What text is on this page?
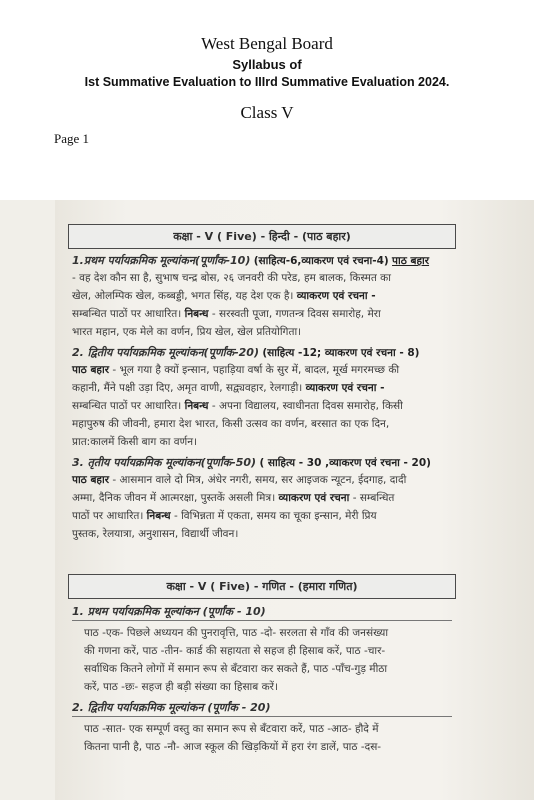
West Bengal Board
Syllabus of
Ist Summative Evaluation to IIIrd Summative Evaluation 2024.
Class V
Page 1
कक्षा - V ( Five) - हिन्दी - (पाठ बहार)
1.प्रथम पर्यायक्रमिक मूल्यांकन(पूर्णांक-10) (साहित्य-6,व्याकरण एवं रचना-4) पाठ बहार
- वह देश कौन सा है, सुभाष चन्द्र बोस, २६ जनवरी की परेड, हम बालक, किस्मत का
खेल, ओलम्पिक खेल, कब्बड्डी, भगत सिंह, यह देश एक है। व्याकरण एवं रचना -
सम्बन्धित पाठों पर आधारित। निबन्ध - सरस्वती पूजा, गणतन्त्र दिवस समारोह, मेरा
भारत महान, एक मेले का वर्णन, प्रिय खेल, खेल प्रतियोगिता।
2. द्वितीय पर्यायक्रमिक मूल्यांकन(पूर्णांक-20) (साहित्य -12; व्याकरण एवं रचना - 8)
पाठ बहार - भूल गया है क्यों इन्सान, पहाड़िया वर्षा के सुर में, बादल, मूर्ख मगरमच्छ की
कहानी, मैंने पक्षी उड़ा दिए, अमृत वाणी, सद्व्यवहार, रेलगाड़ी। व्याकरण एवं रचना -
सम्बन्धित पाठों पर आधारित। निबन्ध - अपना विद्यालय, स्वाधीनता दिवस समारोह, किसी
महापुरुष की जीवनी, हमारा देश भारत, किसी उत्सव का वर्णन, बरसात का एक दिन,
प्रात:कालमें किसी बाग का वर्णन।
3. तृतीय पर्यायक्रमिक मूल्यांकन(पूर्णांक-50) ( साहित्य - 30 ,व्याकरण एवं रचना - 20)
पाठ बहार - आसमान वाले दो मित्र, अंधेर नगरी, समय, सर आइजक न्यूटन, ईदगाह, दादी
अम्मा, दैनिक जीवन में आत्मरक्षा, पुस्तकें असली मित्र। व्याकरण एवं रचना - सम्बन्धित
पाठों पर आधारित। निबन्ध - विभिन्नता में एकता, समय का चूका इन्सान, मेरी प्रिय
पुस्तक, रेलयात्रा, अनुशासन, विद्यार्थी जीवन।
कक्षा - V ( Five) - गणित - (हमारा गणित)
1. प्रथम पर्यायक्रमिक मूल्यांकन (पूर्णांक - 10)
पाठ -एक- पिछले अध्ययन की पुनरावृत्ति, पाठ -दो- सरलता से गाँव की जनसंख्या
की गणना करें, पाठ -तीन- कार्ड की सहायता से सहज ही हिसाब करें, पाठ -चार-
सर्वाधिक कितने लोगों में समान रूप से बँटवारा कर सकते हैं, पाठ -पाँच-गुड़ मीठा
करें, पाठ -छः- सहज ही बड़ी संख्या का हिसाब करें।
2. द्वितीय पर्यायक्रमिक मूल्यांकन (पूर्णांक - 20)
पाठ -सात- एक सम्पूर्ण वस्तु का समान रूप से बँटवारा करें, पाठ -आठ- हौदे में
कितना पानी है, पाठ -नौ- आज स्कूल की खिड़कियों में हरा रंग डालें, पाठ -दस-
